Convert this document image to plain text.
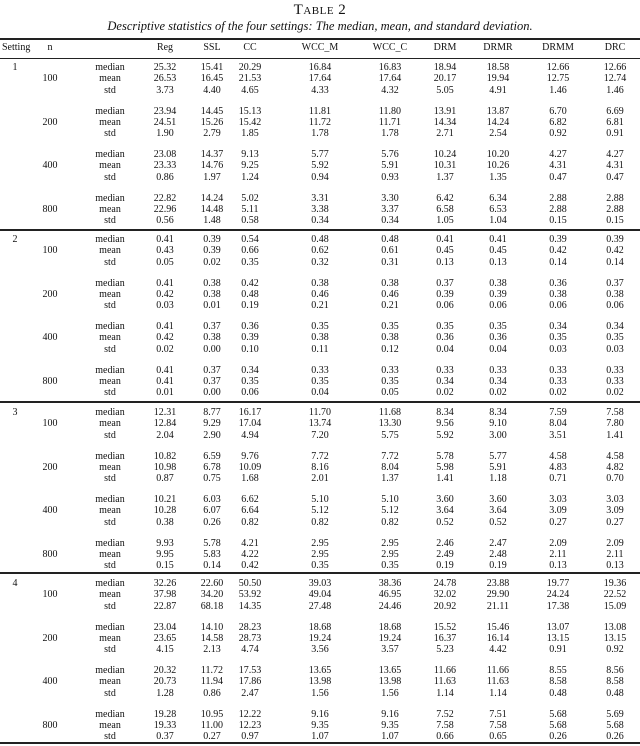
Table 2
Descriptive statistics of the four settings: The median, mean, and standard deviation.
Setting	n	Reg	SSL	CC	WCC_M	WCC_C	DRM	DRMR	DRMM	DRC
1	median	25.32	15.41	20.29	16.84	16.83	18.94	18.58	12.66	12.66
100	mean	26.53	16.45	21.53	17.64	17.64	20.17	19.94	12.75	12.74
std	3.73	4.40	4.65	4.33	4.32	5.05	4.91	1.46	1.46
median	23.94	14.45	15.13	11.81	11.80	13.91	13.87	6.70	6.69
200	mean	24.51	15.26	15.42	11.72	11.71	14.34	14.24	6.82	6.81
std	1.90	2.79	1.85	1.78	1.78	2.71	2.54	0.92	0.91
median	23.08	14.37	9.13	5.77	5.76	10.24	10.20	4.27	4.27
400	mean	23.33	14.76	9.25	5.92	5.91	10.31	10.26	4.31	4.31
std	0.86	1.97	1.24	0.94	0.93	1.37	1.35	0.47	0.47
median	22.82	14.24	5.02	3.31	3.30	6.42	6.34	2.88	2.88
800	mean	22.96	14.48	5.11	3.38	3.37	6.58	6.53	2.88	2.88
std	0.56	1.48	0.58	0.34	0.34	1.05	1.04	0.15	0.15
2	median	0.41	0.39	0.54	0.48	0.48	0.41	0.41	0.39	0.39
100	mean	0.43	0.39	0.66	0.62	0.61	0.45	0.45	0.42	0.42
std	0.05	0.02	0.35	0.32	0.31	0.13	0.13	0.14	0.14
median	0.41	0.38	0.42	0.38	0.38	0.37	0.38	0.36	0.37
200	mean	0.42	0.38	0.48	0.46	0.46	0.39	0.39	0.38	0.38
std	0.03	0.01	0.19	0.21	0.21	0.06	0.06	0.06	0.06
median	0.41	0.37	0.36	0.35	0.35	0.35	0.35	0.34	0.34
400	mean	0.42	0.38	0.39	0.38	0.38	0.36	0.36	0.35	0.35
std	0.02	0.00	0.10	0.11	0.12	0.04	0.04	0.03	0.03
median	0.41	0.37	0.34	0.33	0.33	0.33	0.33	0.33	0.33
800	mean	0.41	0.37	0.35	0.35	0.35	0.34	0.34	0.33	0.33
std	0.01	0.00	0.06	0.04	0.05	0.02	0.02	0.02	0.02
3	median	12.31	8.77	16.17	11.70	11.68	8.34	8.34	7.59	7.58
100	mean	12.84	9.29	17.04	13.74	13.30	9.56	9.10	8.04	7.80
std	2.04	2.90	4.94	7.20	5.75	5.92	3.00	3.51	1.41
median	10.82	6.59	9.76	7.72	7.72	5.78	5.77	4.58	4.58
200	mean	10.98	6.78	10.09	8.16	8.04	5.98	5.91	4.83	4.82
std	0.87	0.75	1.68	2.01	1.37	1.41	1.18	0.71	0.70
median	10.21	6.03	6.62	5.10	5.10	3.60	3.60	3.03	3.03
400	mean	10.28	6.07	6.64	5.12	5.12	3.64	3.64	3.09	3.09
std	0.38	0.26	0.82	0.82	0.82	0.52	0.52	0.27	0.27
median	9.93	5.78	4.21	2.95	2.95	2.46	2.47	2.09	2.09
800	mean	9.95	5.83	4.22	2.95	2.95	2.49	2.48	2.11	2.11
std	0.15	0.14	0.42	0.35	0.35	0.19	0.19	0.13	0.13
4	median	32.26	22.60	50.50	39.03	38.36	24.78	23.88	19.77	19.36
100	mean	37.98	34.20	53.92	49.04	46.95	32.02	29.90	24.24	22.52
std	22.87	68.18	14.35	27.48	24.46	20.92	21.11	17.38	15.09
median	23.04	14.10	28.23	18.68	18.68	15.52	15.46	13.07	13.08
200	mean	23.65	14.58	28.73	19.24	19.24	16.37	16.14	13.15	13.15
std	4.15	2.13	4.74	3.56	3.57	5.23	4.42	0.91	0.92
median	20.32	11.72	17.53	13.65	13.65	11.66	11.66	8.55	8.56
400	mean	20.73	11.94	17.86	13.98	13.98	11.63	11.63	8.58	8.58
std	1.28	0.86	2.47	1.56	1.56	1.14	1.14	0.48	0.48
median	19.28	10.95	12.22	9.16	9.16	7.52	7.51	5.68	5.69
800	mean	19.33	11.00	12.23	9.35	9.35	7.58	7.58	5.68	5.68
std	0.37	0.27	0.97	1.07	1.07	0.66	0.65	0.26	0.26
